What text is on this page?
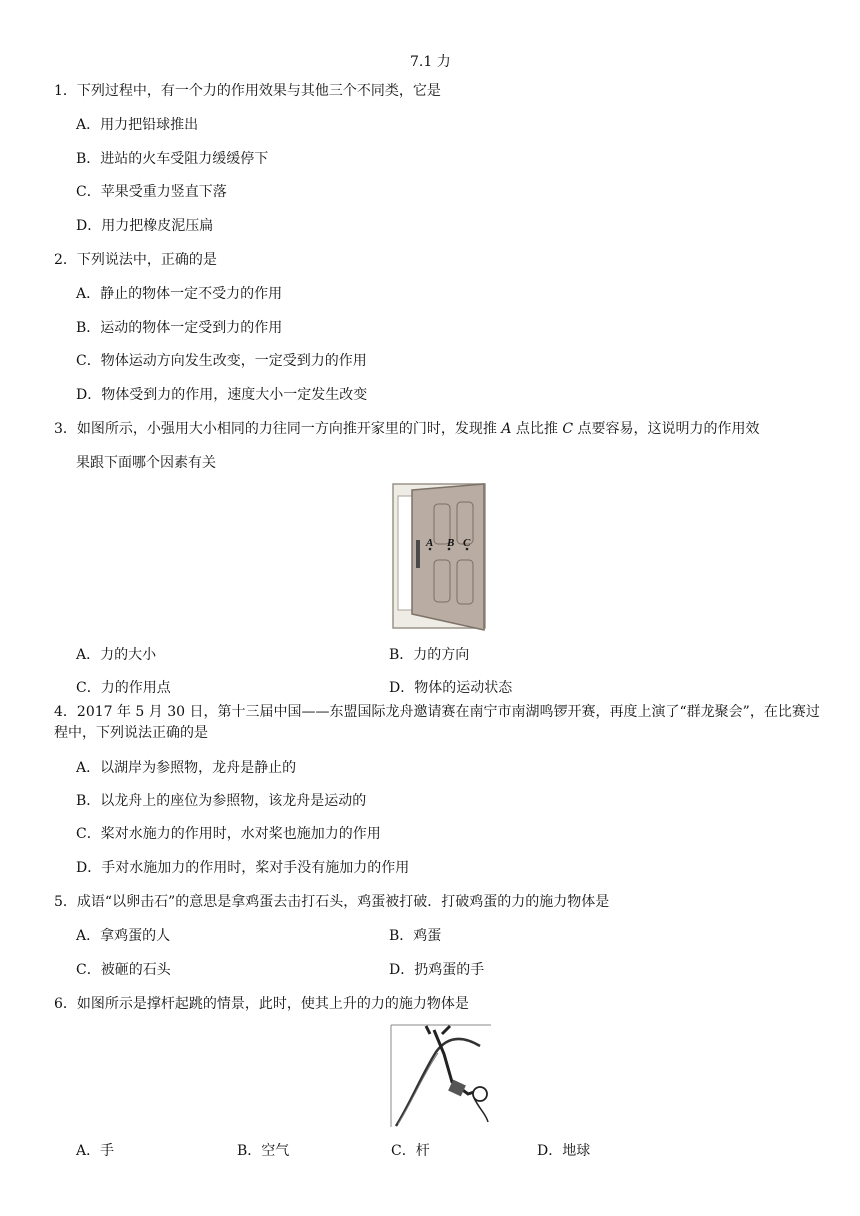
7.1 力
1．下列过程中，有一个力的作用效果与其他三个不同类，它是
A．用力把铅球推出
B．进站的火车受阻力缓缓停下
C．苹果受重力竖直下落
D．用力把橡皮泥压扁
2．下列说法中，正确的是
A．静止的物体一定不受力的作用
B．运动的物体一定受到力的作用
C．物体运动方向发生改变，一定受到力的作用
D．物体受到力的作用，速度大小一定发生改变
3．如图所示，小强用大小相同的力往同一方向推开家里的门时，发现推 A 点比推 C 点要容易，这说明力的作用效
果跟下面哪个因素有关
A B C
A．力的大小	B．力的方向
C．力的作用点	D．物体的运动状态
4．2017 年 5 月 30 日，第十三届中国——东盟国际龙舟邀请赛在南宁市南湖鸣锣开赛，再度上演了“群龙聚会”，在比赛过程中，下列说法正确的是
A．以湖岸为参照物，龙舟是静止的
B．以龙舟上的座位为参照物，该龙舟是运动的
C．桨对水施力的作用时，水对桨也施加力的作用
D．手对水施加力的作用时，桨对手没有施加力的作用
5．成语“以卵击石”的意思是拿鸡蛋去击打石头，鸡蛋被打破．打破鸡蛋的力的施力物体是
A．拿鸡蛋的人	B．鸡蛋
C．被砸的石头	D．扔鸡蛋的手
6．如图所示是撑杆起跳的情景，此时，使其上升的力的施力物体是
A．手	B．空气	C．杆	D．地球
